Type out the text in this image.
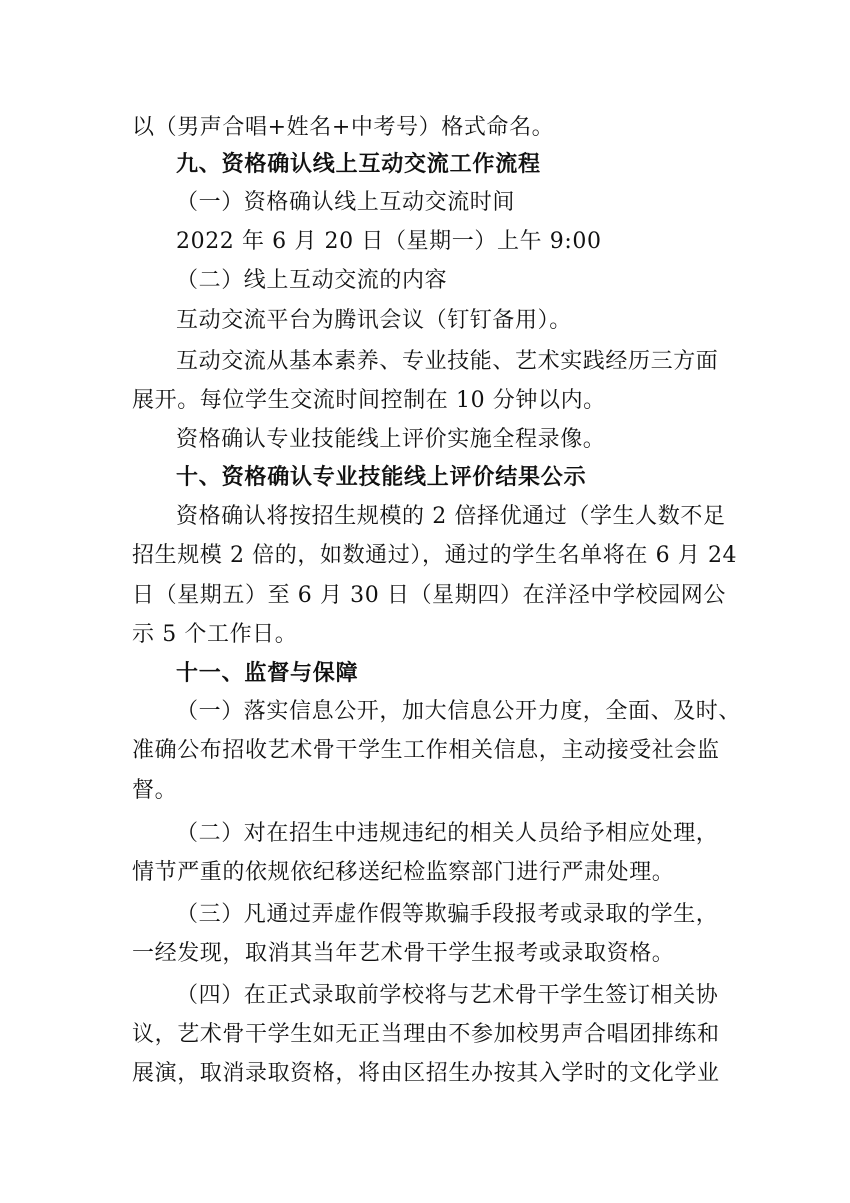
以（男声合唱+姓名+中考号）格式命名。
九、资格确认线上互动交流工作流程
（一）资格确认线上互动交流时间
2022 年 6 月 20 日（星期一）上午 9:00
（二）线上互动交流的内容
互动交流平台为腾讯会议（钉钉备用）。
互动交流从基本素养、专业技能、艺术实践经历三方面
展开。每位学生交流时间控制在 10 分钟以内。
资格确认专业技能线上评价实施全程录像。
十、资格确认专业技能线上评价结果公示
资格确认将按招生规模的 2 倍择优通过（学生人数不足
招生规模 2 倍的，如数通过），通过的学生名单将在 6 月 24
日（星期五）至 6 月 30 日（星期四）在洋泾中学校园网公
示 5 个工作日。
十一、监督与保障
（一）落实信息公开，加大信息公开力度，全面、及时、
准确公布招收艺术骨干学生工作相关信息，主动接受社会监
督。
（二）对在招生中违规违纪的相关人员给予相应处理，
情节严重的依规依纪移送纪检监察部门进行严肃处理。
（三）凡通过弄虚作假等欺骗手段报考或录取的学生，
一经发现，取消其当年艺术骨干学生报考或录取资格。
（四）在正式录取前学校将与艺术骨干学生签订相关协
议，艺术骨干学生如无正当理由不参加校男声合唱团排练和
展演，取消录取资格，将由区招生办按其入学时的文化学业
